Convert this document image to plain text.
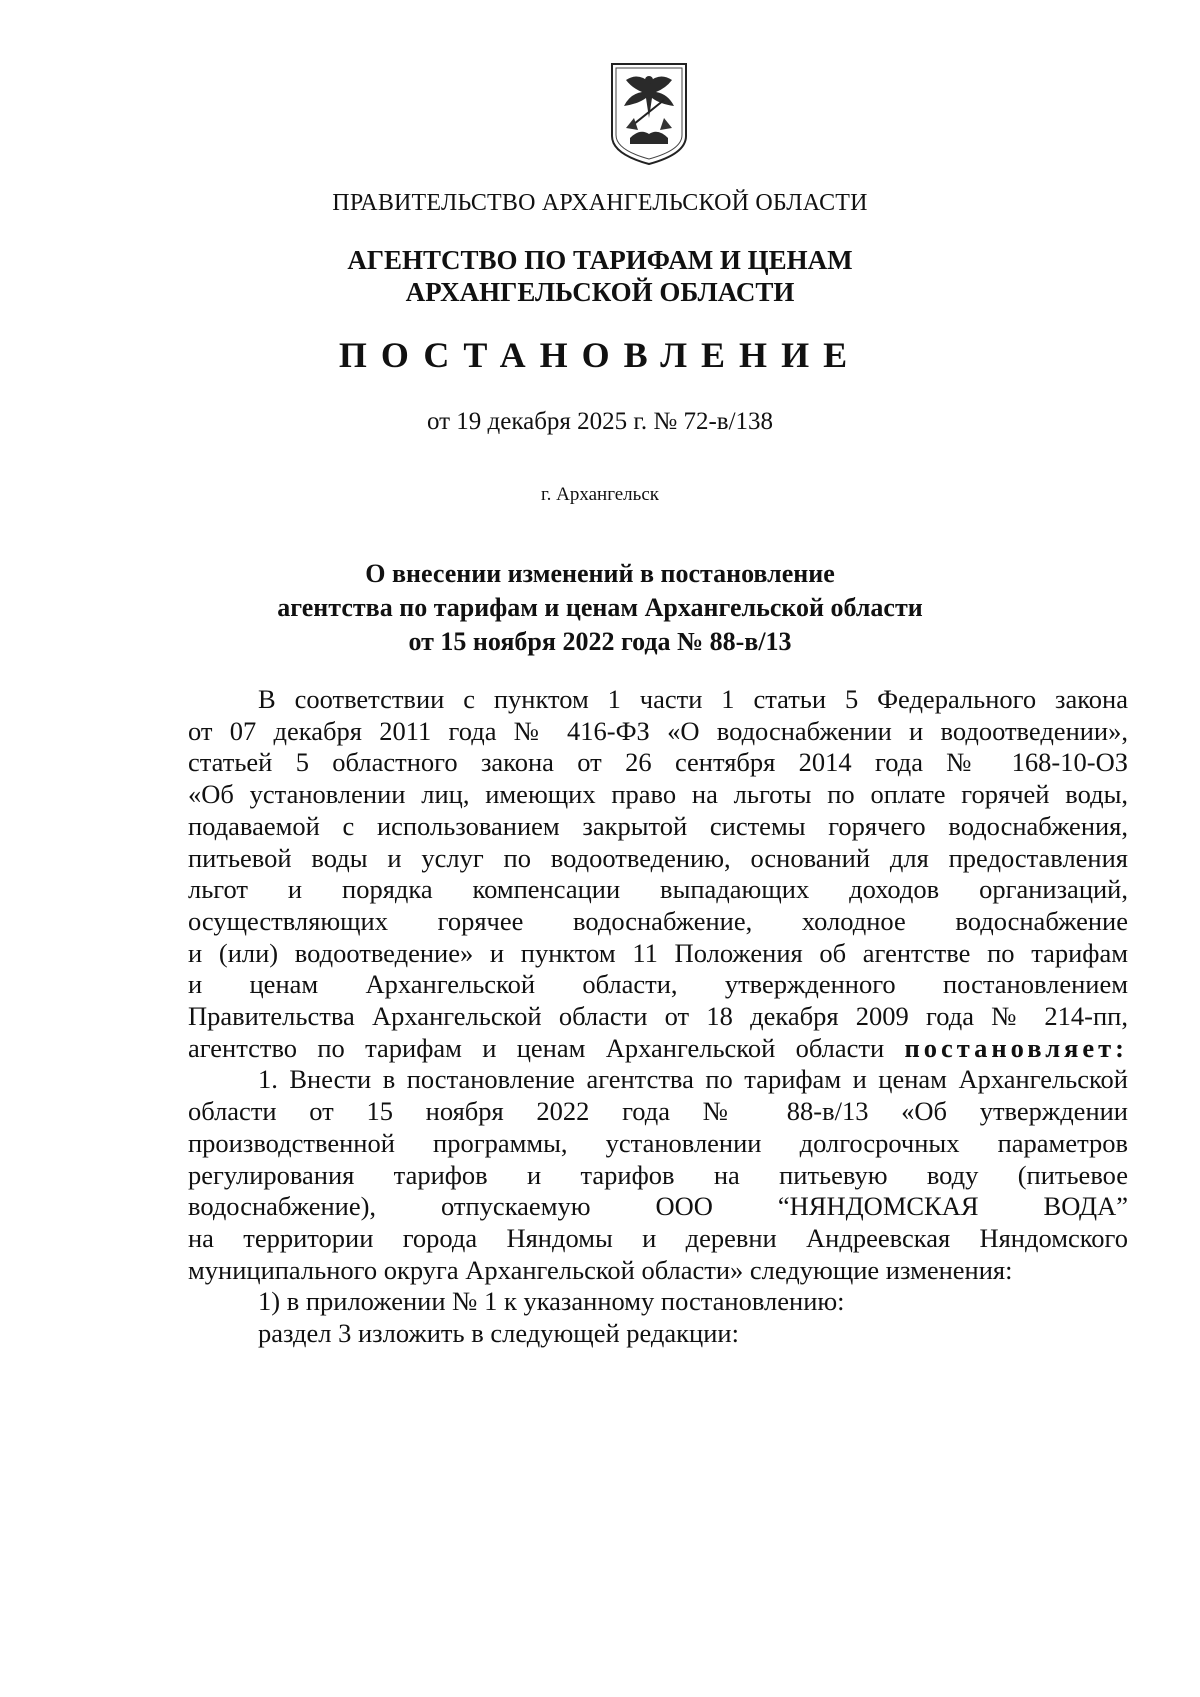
ПРАВИТЕЛЬСТВО АРХАНГЕЛЬСКОЙ ОБЛАСТИ
АГЕНТСТВО ПО ТАРИФАМ И ЦЕНАМ
АРХАНГЕЛЬСКОЙ ОБЛАСТИ
ПОСТАНОВЛЕНИЕ
от 19 декабря 2025 г. № 72-в/138
г. Архангельск
О внесении изменений в постановление
агентства по тарифам и ценам Архангельской области
от 15 ноября 2022 года № 88-в/13

В соответствии с пунктом 1 части 1 статьи 5 Федерального закона
от 07 декабря 2011 года № 416-ФЗ «О водоснабжении и водоотведении»,
статьей 5 областного закона от 26 сентября 2014 года № 168-10-ОЗ
«Об установлении лиц, имеющих право на льготы по оплате горячей воды,
подаваемой с использованием закрытой системы горячего водоснабжения,
питьевой воды и услуг по водоотведению, оснований для предоставления
льгот и порядка компенсации выпадающих доходов организаций,
осуществляющих горячее водоснабжение, холодное водоснабжение
и (или) водоотведение» и пунктом 11 Положения об агентстве по тарифам
и ценам Архангельской области, утвержденного постановлением
Правительства Архангельской области от 18 декабря 2009 года № 214-пп,
агентство по тарифам и ценам Архангельской области постановляет:

1. Внести в постановление агентства по тарифам и ценам Архангельской
области от 15 ноября 2022 года № 88-в/13 «Об утверждении
производственной программы, установлении долгосрочных параметров
регулирования тарифов и тарифов на питьевую воду (питьевое
водоснабжение), отпускаемую ООО “НЯНДОМСКАЯ ВОДА”
на территории города Няндомы и деревни Андреевская Няндомского
муниципального округа Архангельской области» следующие изменения:

1) в приложении № 1 к указанному постановлению:

раздел 3 изложить в следующей редакции:
